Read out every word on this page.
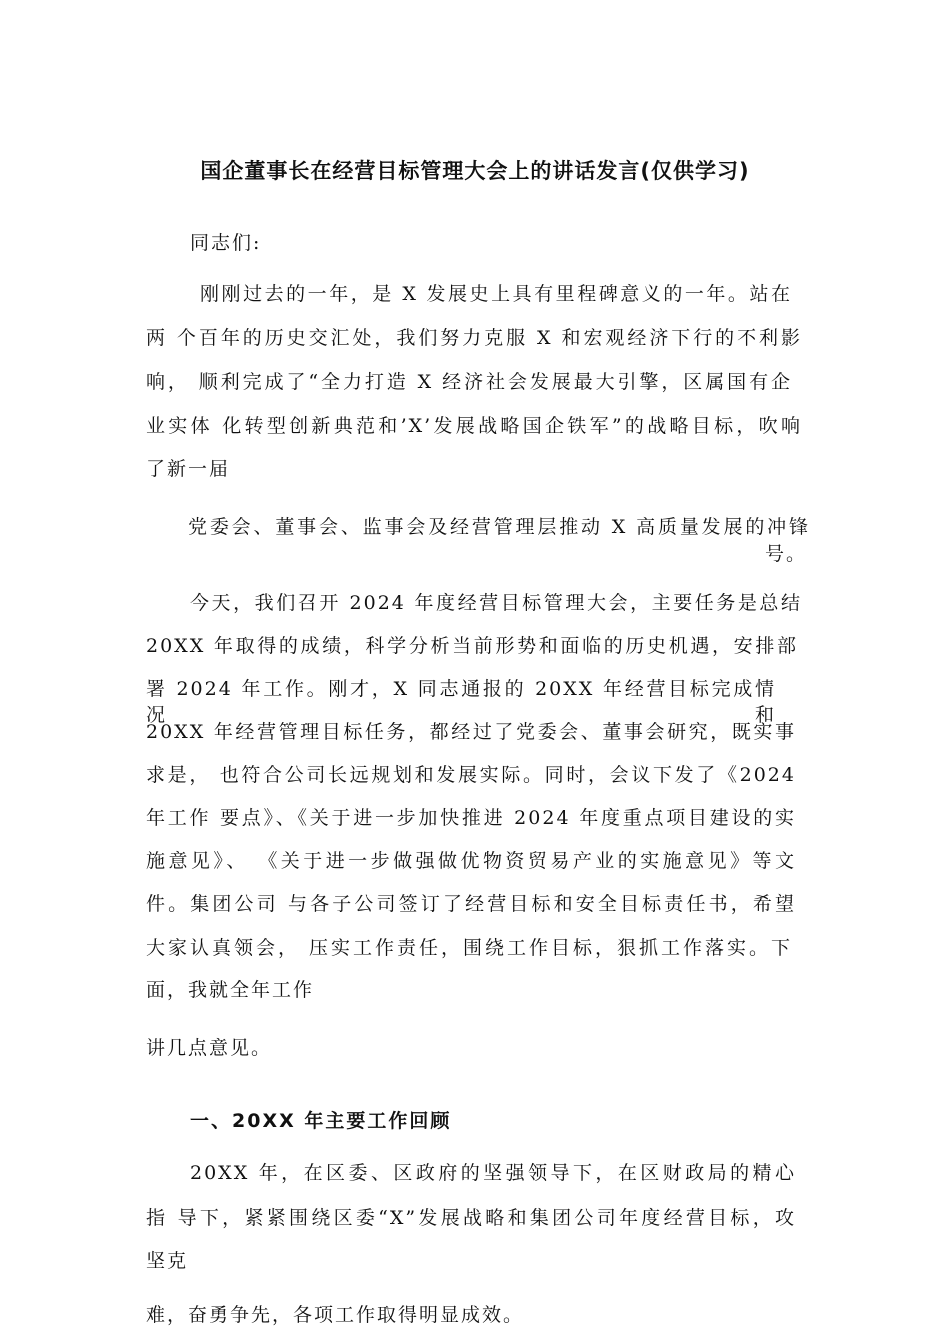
国企董事长在经营目标管理大会上的讲话发言(仅供学习)
同志们:
刚刚过去的一年，是 X 发展史上具有里程碑意义的一年。站在
两 个百年的历史交汇处，我们努力克服 X 和宏观经济下行的不利影
响， 顺利完成了“全力打造 X 经济社会发展最大引擎，区属国有企
业实体 化转型创新典范和’X’发展战略国企铁军”的战略目标，吹响
了新一届
党委会、董事会、监事会及经营管理层推动 X 高质量发展的冲锋
号。
今天，我们召开 2024 年度经营目标管理大会，主要任务是总结
20XX 年取得的成绩，科学分析当前形势和面临的历史机遇，安排部
署 2024 年工作。刚才，X 同志通报的 20XX 年经营目标完成情况和
20XX 年经营管理目标任务，都经过了党委会、董事会研究，既实事
求是， 也符合公司长远规划和发展实际。同时，会议下发了《2024
年工作 要点》、《关于进一步加快推进 2024 年度重点项目建设的实
施意见》、 《关于进一步做强做优物资贸易产业的实施意见》等文
件。集团公司 与各子公司签订了经营目标和安全目标责任书，希望
大家认真领会， 压实工作责任，围绕工作目标，狠抓工作落实。下
面，我就全年工作
讲几点意见。
一、20XX 年主要工作回顾
20XX 年，在区委、区政府的坚强领导下，在区财政局的精心
指 导下，紧紧围绕区委“X”发展战略和集团公司年度经营目标，攻
坚克
难，奋勇争先，各项工作取得明显成效。
